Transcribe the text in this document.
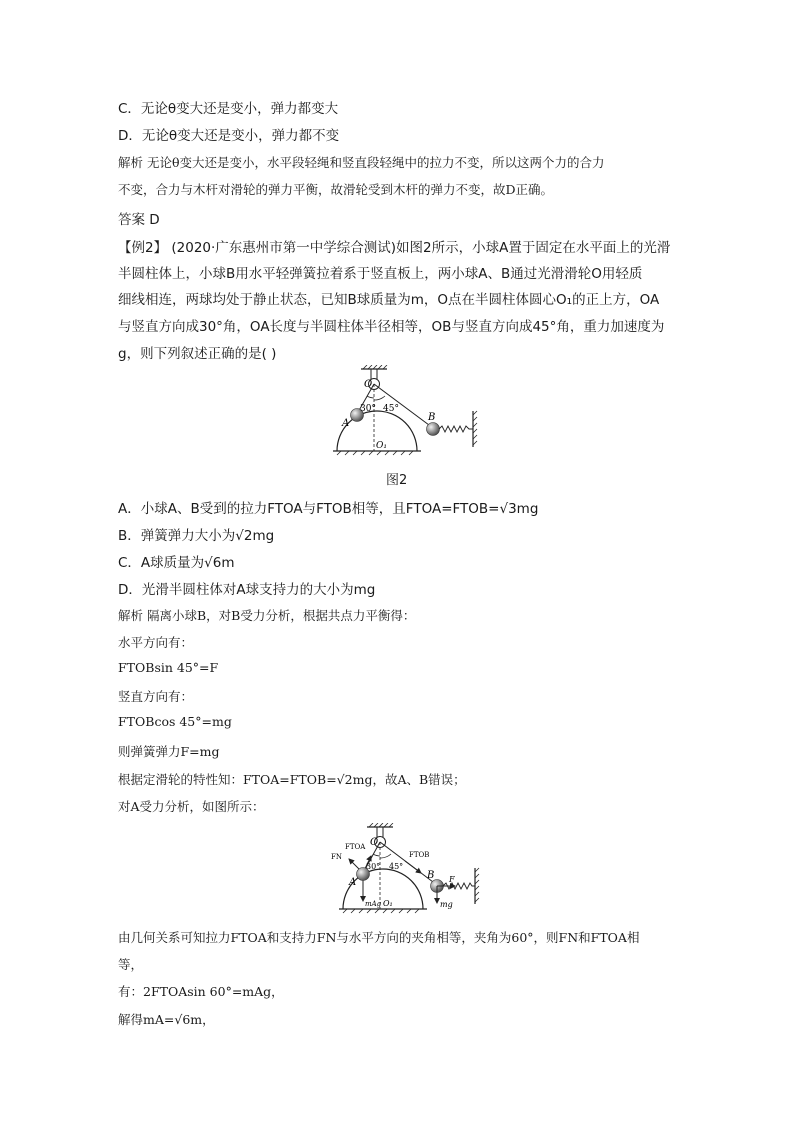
C．无论θ变大还是变小，弹力都变大
D．无论θ变大还是变小，弹力都不变
解析 无论θ变大还是变小，水平段轻绳和竖直段轻绳中的拉力不变，所以这两个力的合力
不变，合力与木杆对滑轮的弹力平衡，故滑轮受到木杆的弹力不变，故D正确。
答案 D
【例2】 (2020·广东惠州市第一中学综合测试)如图2所示，小球A置于固定在水平面上的光滑
半圆柱体上，小球B用水平轻弹簧拉着系于竖直板上，两小球A、B通过光滑滑轮O用轻质
细线相连，两球均处于静止状态，已知B球质量为m，O点在半圆柱体圆心O₁的正上方，OA
与竖直方向成30°角，OA长度与半圆柱体半径相等，OB与竖直方向成45°角，重力加速度为
g，则下列叙述正确的是( )
O
A
B
O₁
30° 45°
图2
A．小球A、B受到的拉力FTOA与FTOB相等，且FTOA=FTOB=√3mg
B．弹簧弹力大小为√2mg
C．A球质量为√6m
D．光滑半圆柱体对A球支持力的大小为mg
解析 隔离小球B，对B受力分析，根据共点力平衡得：
水平方向有：
FTOBsin 45°=F
竖直方向有：
FTOBcos 45°=mg
则弹簧弹力F=mg
根据定滑轮的特性知：FTOA=FTOB=√2mg，故A、B错误；
对A受力分析，如图所示：
O
A
B
O₁
FN
FTOA
FTOB
F
mg
mAg
30° 45°
由几何关系可知拉力FTOA和支持力FN与水平方向的夹角相等，夹角为60°，则FN和FTOA相
等，
有：2FTOAsin 60°=mAg，
解得mA=√6m，
